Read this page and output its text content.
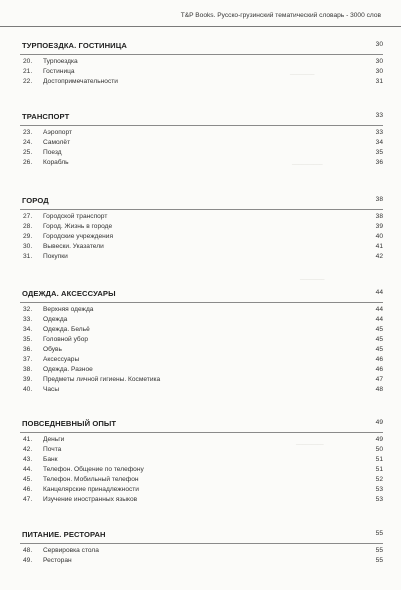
T&P Books. Русско-грузинский тематический словарь - 3000 слов
________
__________
________
_________
ТУРПОЕЗДКА. ГОСТИНИЦА	30
20. Турпоездка	30
21. Гостиница	30
22. Достопримечательности	31
ТРАНСПОРТ	33
23. Аэропорт	33
24. Самолёт	34
25. Поезд	35
26. Корабль	36
ГОРОД	38
27. Городской транспорт	38
28. Город. Жизнь в городе	39
29. Городские учреждения	40
30. Вывески. Указатели	41
31. Покупки	42
ОДЕЖДА. АКСЕССУАРЫ	44
32. Верхняя одежда	44
33. Одежда	44
34. Одежда. Бельё	45
35. Головной убор	45
36. Обувь	45
37. Аксессуары	46
38. Одежда. Разное	46
39. Предметы личной гигиены. Косметика	47
40. Часы	48
ПОВСЕДНЕВНЫЙ ОПЫТ	49
41. Деньги	49
42. Почта	50
43. Банк	51
44. Телефон. Общение по телефону	51
45. Телефон. Мобильный телефон	52
46. Канцелярские принадлежности	53
47. Изучение иностранных языков	53
ПИТАНИЕ. РЕСТОРАН	55
48. Сервировка стола	55
49. Ресторан	55
